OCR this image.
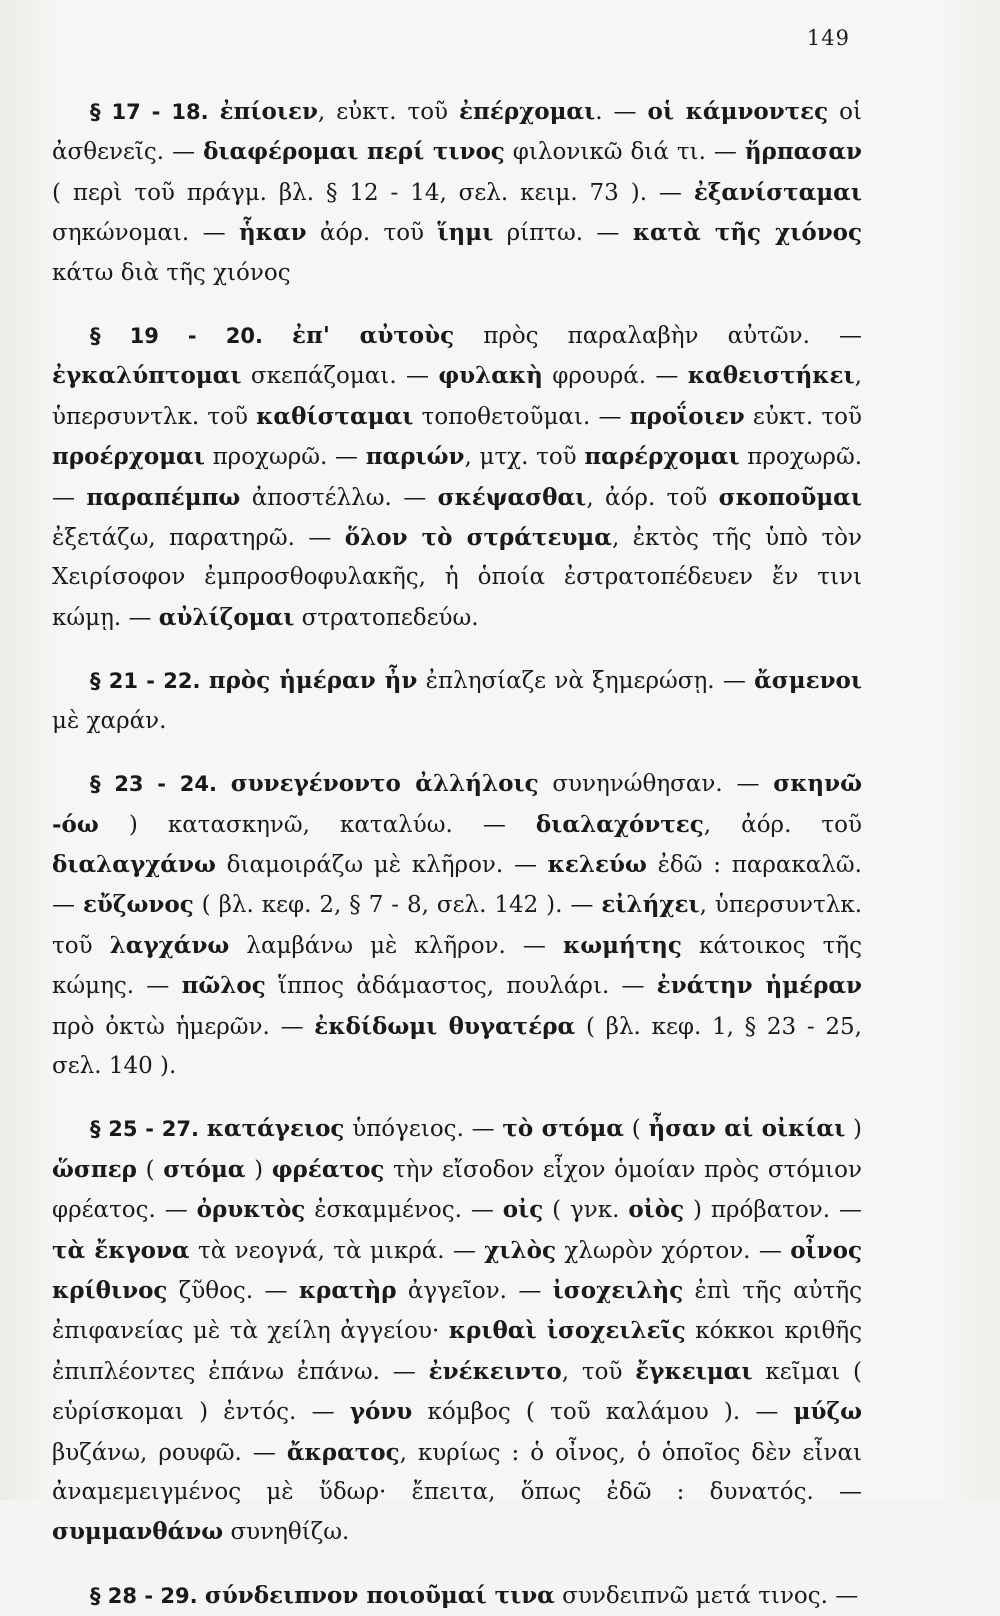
149

§ 17 - 18. ἐπίοιεν, εὐκτ. τοῦ ἐπέρχομαι. — οἱ κάμνοντες οἱ ἀσθενεῖς. — διαφέρομαι περί τινος φιλονικῶ διά τι. — ἥρπασαν ( περὶ τοῦ πράγμ. βλ. § 12 - 14, σελ. κειμ. 73 ). — ἐξανίσταμαι σηκώνομαι. — ἧκαν ἀόρ. τοῦ ἵημι ρίπτω. — κατὰ τῆς χιόνος κάτω διὰ τῆς χιόνος

§ 19 - 20. ἐπ' αὐτοὺς πρὸς παραλαβὴν αὐτῶν. — ἐγκαλύπτομαι σκεπάζομαι. — φυλακὴ φρουρά. — καθειστήκει, ὑπερσυντλκ. τοῦ καθίσταμαι τοποθετοῦμαι. — προΐοιεν εὐκτ. τοῦ προέρχομαι προχωρῶ. — παριών, μτχ. τοῦ παρέρχομαι προχωρῶ. — παραπέμπω ἀποστέλλω. — σκέψασθαι, ἀόρ. τοῦ σκοποῦμαι ἐξετάζω, παρατηρῶ. — ὅλον τὸ στράτευμα, ἐκτὸς τῆς ὑπὸ τὸν Χειρίσοφον ἐμπροσθοφυλακῆς, ἡ ὁποία ἐστρατοπέδευεν ἔν τινι κώμῃ. — αὐλίζομαι στρατοπεδεύω.

§ 21 - 22. πρὸς ἡμέραν ἦν ἐπλησίαζε νὰ ξημερώσῃ. — ἄσμενοι μὲ χαράν.

§ 23 - 24. συνεγένοντο ἀλλήλοις συνηνώθησαν. — σκηνῶ -όω ) κατασκηνῶ, καταλύω. — διαλαχόντες, ἀόρ. τοῦ διαλαγχάνω διαμοιράζω μὲ κλῆρον. — κελεύω ἐδῶ : παρακαλῶ. — εὔζωνος ( βλ. κεφ. 2, § 7 - 8, σελ. 142 ). — εἰλήχει, ὑπερσυντλκ. τοῦ λαγχάνω λαμβάνω μὲ κλῆρον. — κωμήτης κάτοικος τῆς κώμης. — πῶλος ἵππος ἀδάμαστος, πουλάρι. — ἐνάτην ἡμέραν πρὸ ὀκτὼ ἡμερῶν. — ἐκδίδωμι θυγατέρα ( βλ. κεφ. 1, § 23 - 25, σελ. 140 ).

§ 25 - 27. κατάγειος ὑπόγειος. — τὸ στόμα ( ἦσαν αἱ οἰκίαι ) ὥσπερ ( στόμα ) φρέατος τὴν εἴσοδον εἶχον ὁμοίαν πρὸς στόμιον φρέατος. — ὀρυκτὸς ἐσκαμμένος. — οἰς ( γνκ. οἰὸς ) πρόβατον. — τὰ ἔκγονα τὰ νεογνά, τὰ μικρά. — χιλὸς χλωρὸν χόρτον. — οἶνος κρίθινος ζῦθος. — κρατὴρ ἀγγεῖον. — ἰσοχειλὴς ἐπὶ τῆς αὐτῆς ἐπιφανείας μὲ τὰ χείλη ἀγγείου· κριθαὶ ἰσοχειλεῖς κόκκοι κριθῆς ἐπιπλέοντες ἐπάνω ἐπάνω. — ἐνέκειντο, τοῦ ἔγκειμαι κεῖμαι ( εὑρίσκομαι ) ἐντός. — γόνυ κόμβος ( τοῦ καλάμου ). — μύζω βυζάνω, ρουφῶ. — ἄκρατος, κυρίως : ὁ οἶνος, ὁ ὁποῖος δὲν εἶναι ἀναμεμειγμένος μὲ ὕδωρ· ἔπειτα, ὅπως ἐδῶ : δυνατός. — συμμανθάνω συνηθίζω.

§ 28 - 29. σύνδειπνον ποιοῦμαί τινα συνδειπνῶ μετά τινος. —
